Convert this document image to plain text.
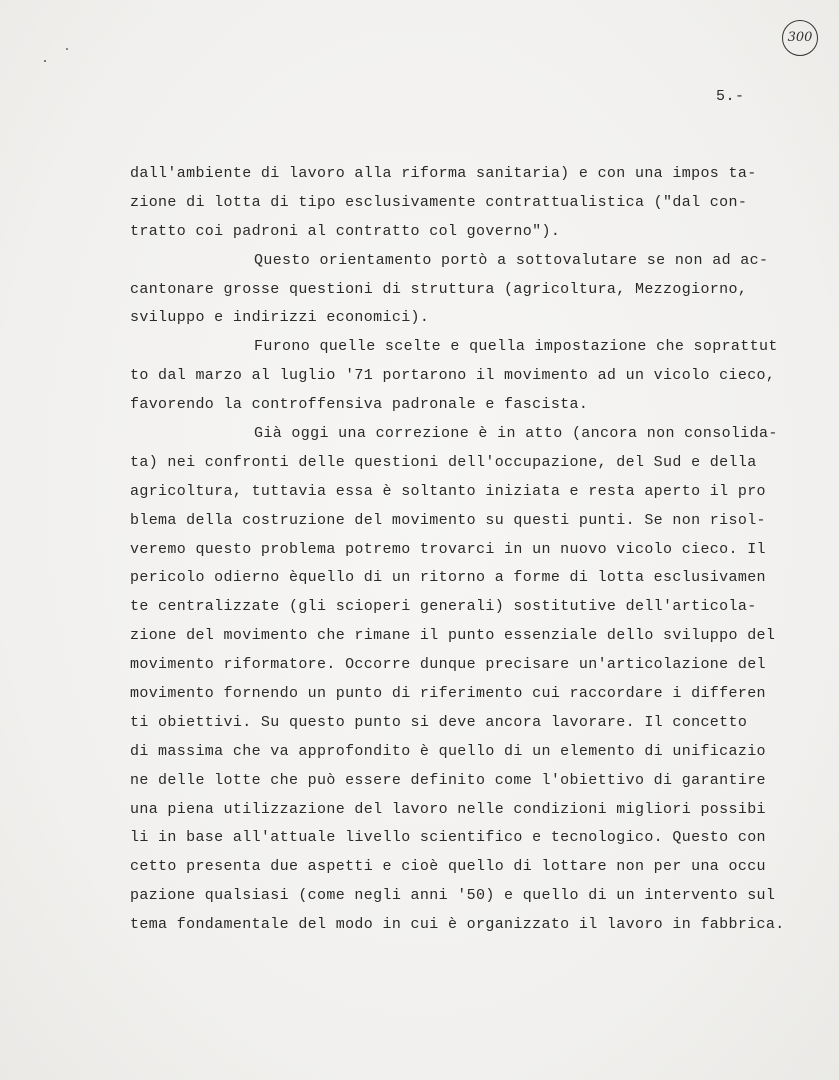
300
5.-
dall'ambiente di lavoro alla riforma sanitaria) e con una impos ta-
zione di lotta di tipo esclusivamente contrattualistica ("dal con-
tratto coi padroni al contratto col governo").
Questo orientamento portò a sottovalutare se non ad ac-
cantonare grosse questioni di struttura (agricoltura, Mezzogiorno,
sviluppo e indirizzi economici).
Furono quelle scelte e quella impostazione che soprattut
to dal marzo al luglio '71 portarono il movimento ad un vicolo cieco,
favorendo la controffensiva padronale e fascista.
Già oggi una correzione è in atto (ancora non consolida-
ta) nei confronti delle questioni dell'occupazione, del Sud e della
agricoltura, tuttavia essa è soltanto iniziata e resta aperto il pro
blema della costruzione del movimento su questi punti. Se non risol-
veremo questo problema potremo trovarci in un nuovo vicolo cieco. Il
pericolo odierno èquello di un ritorno a forme di lotta esclusivamen
te centralizzate (gli scioperi generali) sostitutive dell'articola-
zione del movimento che rimane il punto essenziale dello sviluppo del
movimento riformatore. Occorre dunque precisare un'articolazione del
movimento fornendo un punto di riferimento cui raccordare i differen
ti obiettivi. Su questo punto si deve ancora lavorare. Il concetto
di massima che va approfondito è quello di un elemento di unificazio
ne delle lotte che può essere definito come l'obiettivo di garantire
una piena utilizzazione del lavoro nelle condizioni migliori possibi
li in base all'attuale livello scientifico e tecnologico. Questo con
cetto presenta due aspetti e cioè quello di lottare non per una occu
pazione qualsiasi (come negli anni '50) e quello di un intervento sul
tema fondamentale del modo in cui è organizzato il lavoro in fabbrica.
